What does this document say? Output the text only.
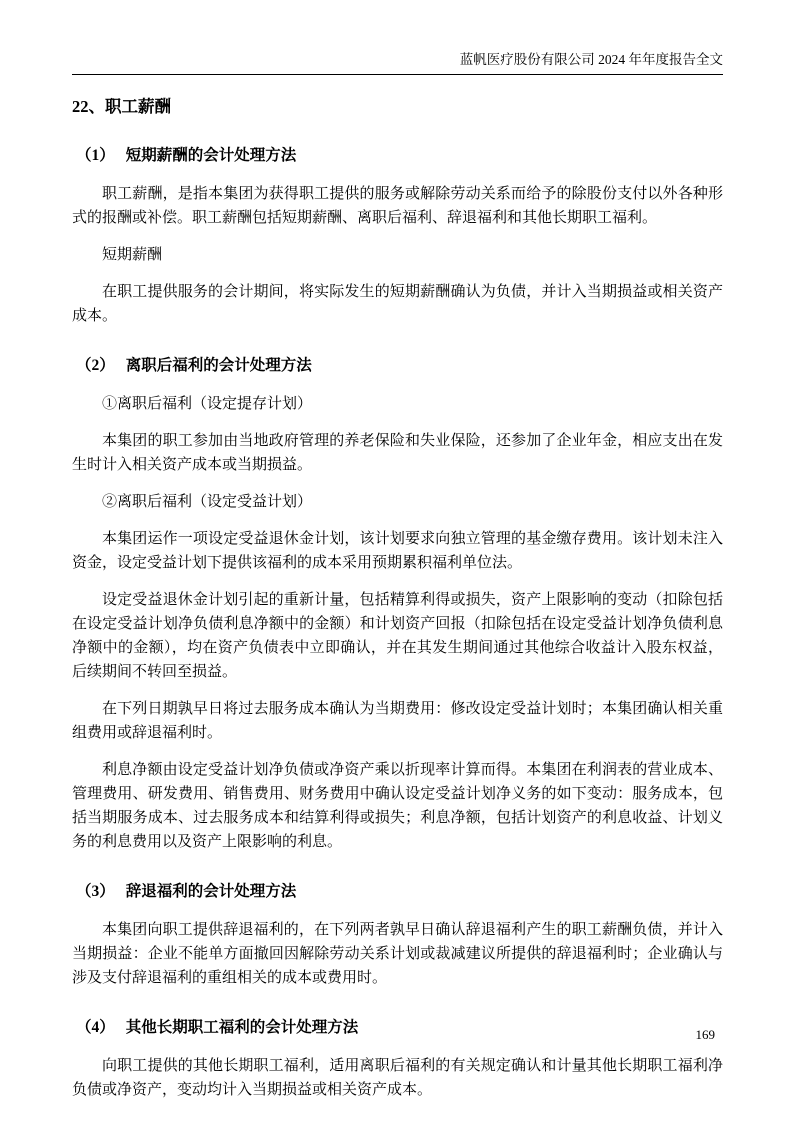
蓝帆医疗股份有限公司 2024 年年度报告全文
22、职工薪酬
（1） 短期薪酬的会计处理方法

职工薪酬，是指本集团为获得职工提供的服务或解除劳动关系而给予的除股份支付以外各种形式的报酬或补偿。职工薪酬包括短期薪酬、离职后福利、辞退福利和其他长期职工福利。

短期薪酬

在职工提供服务的会计期间，将实际发生的短期薪酬确认为负债，并计入当期损益或相关资产成本。

（2） 离职后福利的会计处理方法

①离职后福利（设定提存计划）

本集团的职工参加由当地政府管理的养老保险和失业保险，还参加了企业年金，相应支出在发生时计入相关资产成本或当期损益。

②离职后福利（设定受益计划）

本集团运作一项设定受益退休金计划，该计划要求向独立管理的基金缴存费用。该计划未注入资金，设定受益计划下提供该福利的成本采用预期累积福利单位法。

设定受益退休金计划引起的重新计量，包括精算利得或损失，资产上限影响的变动（扣除包括在设定受益计划净负债利息净额中的金额）和计划资产回报（扣除包括在设定受益计划净负债利息净额中的金额），均在资产负债表中立即确认，并在其发生期间通过其他综合收益计入股东权益，后续期间不转回至损益。

在下列日期孰早日将过去服务成本确认为当期费用：修改设定受益计划时；本集团确认相关重组费用或辞退福利时。

利息净额由设定受益计划净负债或净资产乘以折现率计算而得。本集团在利润表的营业成本、管理费用、研发费用、销售费用、财务费用中确认设定受益计划净义务的如下变动：服务成本，包括当期服务成本、过去服务成本和结算利得或损失；利息净额，包括计划资产的利息收益、计划义务的利息费用以及资产上限影响的利息。

（3） 辞退福利的会计处理方法

本集团向职工提供辞退福利的，在下列两者孰早日确认辞退福利产生的职工薪酬负债，并计入当期损益：企业不能单方面撤回因解除劳动关系计划或裁减建议所提供的辞退福利时；企业确认与涉及支付辞退福利的重组相关的成本或费用时。

（4） 其他长期职工福利的会计处理方法

向职工提供的其他长期职工福利，适用离职后福利的有关规定确认和计量其他长期职工福利净负债或净资产，变动均计入当期损益或相关资产成本。

169
